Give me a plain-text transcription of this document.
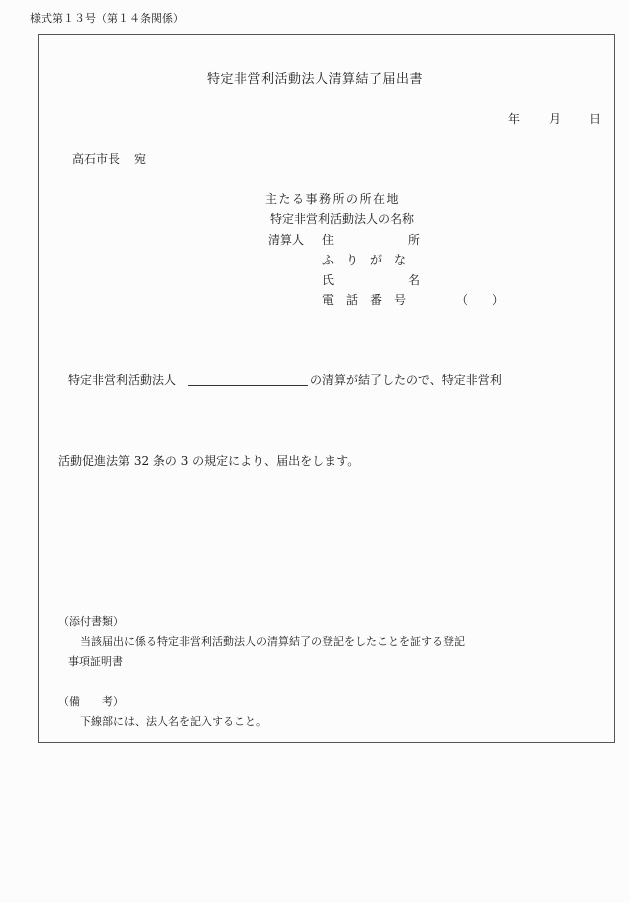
様式第１３号（第１４条関係）
特定非営利活動法人清算結了届出書
年 月 日
高石市長 宛
主たる事務所の所在地
特定非営利活動法人の名称
清算人 住	所
ふ　り　が　な
氏	名
電　話　番　号	（　　）
特定非営利活動法人	の清算が結了したので、特定非営利
活動促進法第 32 条の 3 の規定により、届出をします。
（添付書類）
当該届出に係る特定非営利活動法人の清算結了の登記をしたことを証する登記
事項証明書
（備　　考）
下線部には、法人名を記入すること。
